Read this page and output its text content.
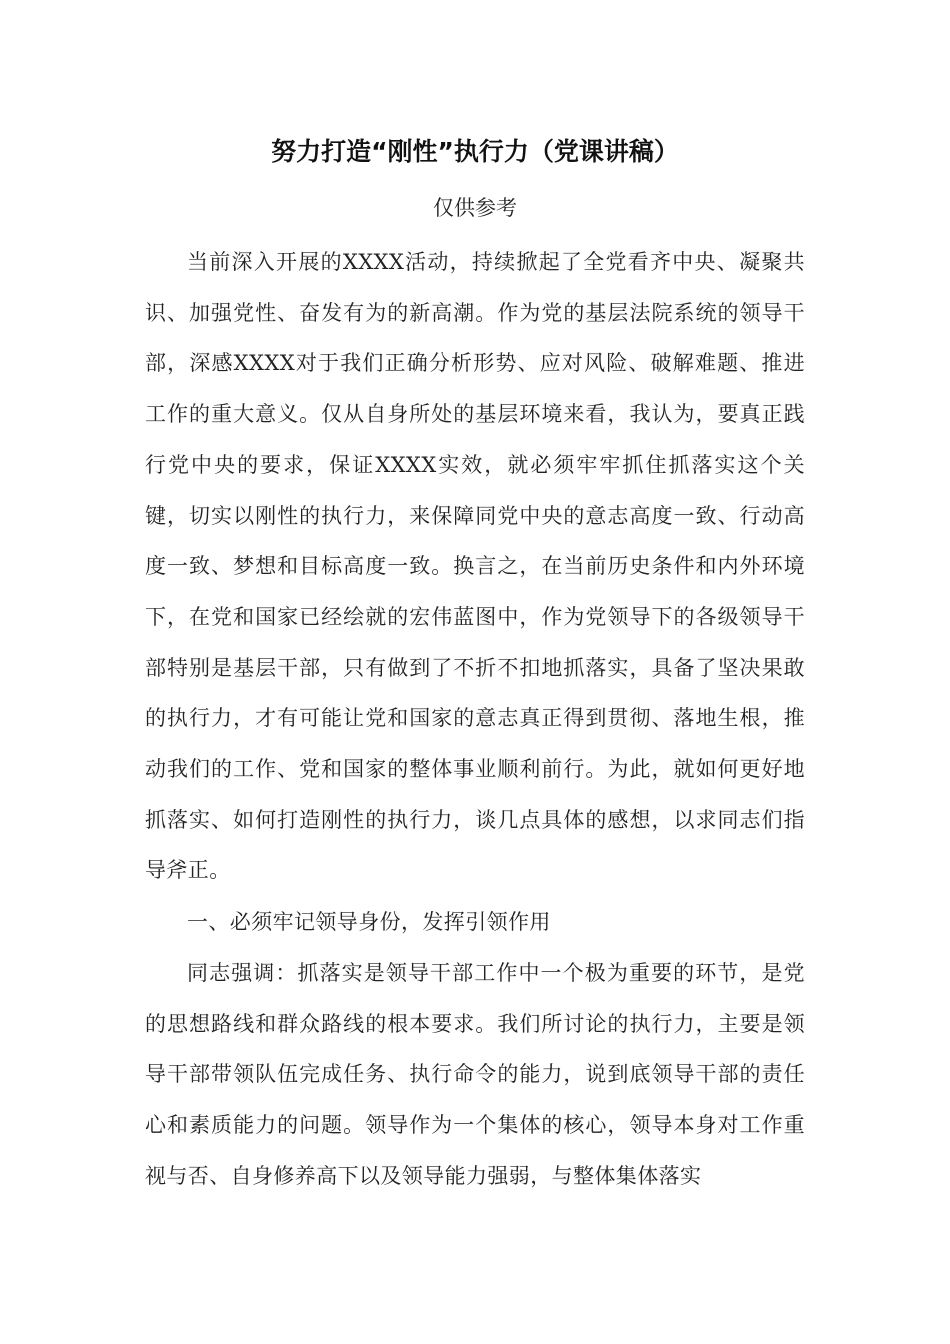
努力打造“刚性”执行力（党课讲稿）
仅供参考

当前深入开展的XXXX活动，持续掀起了全党看齐中央、凝聚共识、加强党性、奋发有为的新高潮。作为党的基层法院系统的领导干部，深感XXXX对于我们正确分析形势、应对风险、破解难题、推进工作的重大意义。仅从自身所处的基层环境来看，我认为，要真正践行党中央的要求，保证XXXX实效，就必须牢牢抓住抓落实这个关键，切实以刚性的执行力，来保障同党中央的意志高度一致、行动高度一致、梦想和目标高度一致。换言之，在当前历史条件和内外环境下，在党和国家已经绘就的宏伟蓝图中，作为党领导下的各级领导干部特别是基层干部，只有做到了不折不扣地抓落实，具备了坚决果敢的执行力，才有可能让党和国家的意志真正得到贯彻、落地生根，推动我们的工作、党和国家的整体事业顺利前行。为此，就如何更好地抓落实、如何打造刚性的执行力，谈几点具体的感想，以求同志们指导斧正。

一、必须牢记领导身份，发挥引领作用

同志强调：抓落实是领导干部工作中一个极为重要的环节，是党的思想路线和群众路线的根本要求。我们所讨论的执行力，主要是领导干部带领队伍完成任务、执行命令的能力，说到底领导干部的责任心和素质能力的问题。领导作为一个集体的核心，领导本身对工作重视与否、自身修养高下以及领导能力强弱，与整体集体落实
